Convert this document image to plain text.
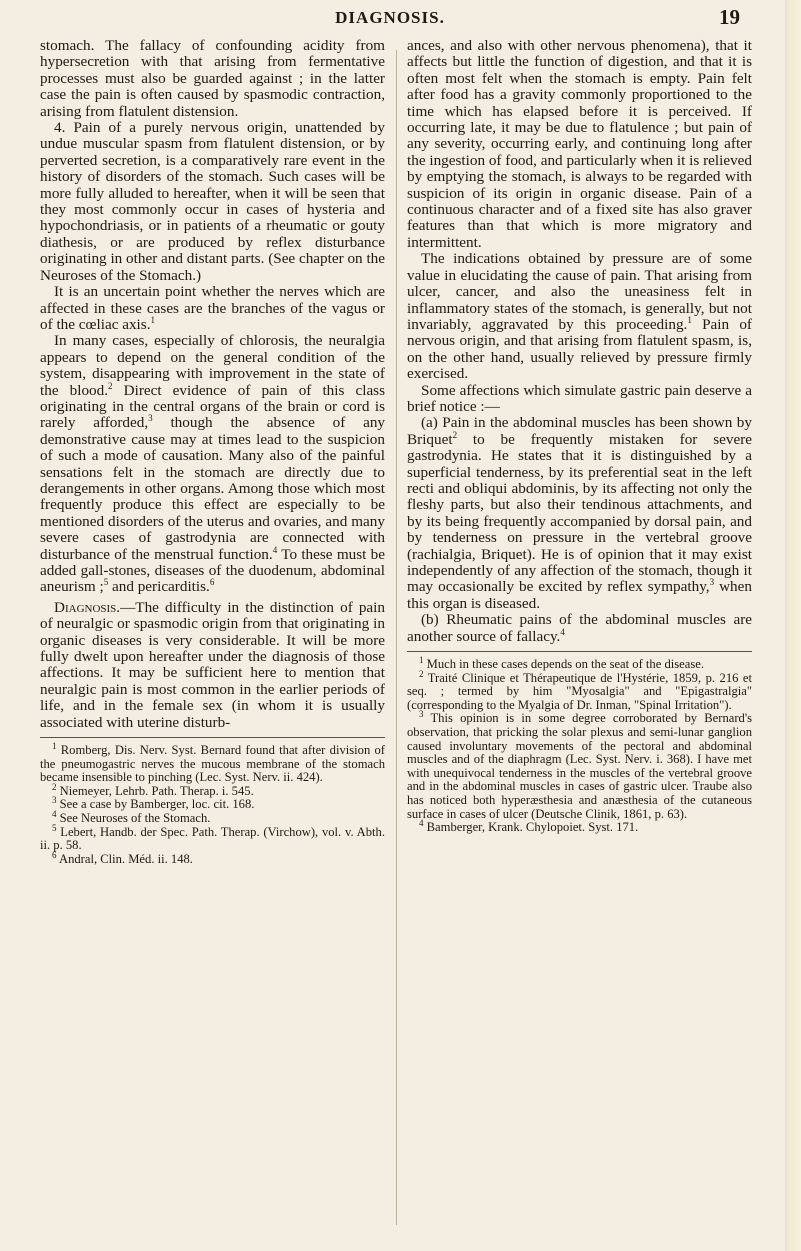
DIAGNOSIS.	19

stomach. The fallacy of confounding acidity from hypersecretion with that arising from fermentative processes must also be guarded against ; in the latter case the pain is often caused by spasmodic contraction, arising from flatulent distension.

4. Pain of a purely nervous origin, unattended by undue muscular spasm from flatulent distension, or by perverted secretion, is a comparatively rare event in the history of disorders of the stomach. Such cases will be more fully alluded to hereafter, when it will be seen that they most commonly occur in cases of hysteria and hypochondriasis, or in patients of a rheumatic or gouty diathesis, or are produced by reflex disturbance originating in other and distant parts. (See chapter on the Neuroses of the Stomach.)

It is an uncertain point whether the nerves which are affected in these cases are the branches of the vagus or of the cœliac axis.$^1$

In many cases, especially of chlorosis, the neuralgia appears to depend on the general condition of the system, disappearing with improvement in the state of the blood.$^2$ Direct evidence of pain of this class originating in the central organs of the brain or cord is rarely afforded,$^3$ though the absence of any demonstrative cause may at times lead to the suspicion of such a mode of causation. Many also of the painful sensations felt in the stomach are directly due to derangements in other organs. Among those which most frequently produce this effect are especially to be mentioned disorders of the uterus and ovaries, and many severe cases of gastrodynia are connected with disturbance of the menstrual function.$^4$ To these must be added gall-stones, diseases of the duodenum, abdominal aneurism ;$^5$ and pericarditis.$^6$

Diagnosis.—The difficulty in the distinction of pain of neuralgic or spasmodic origin from that originating in organic diseases is very considerable. It will be more fully dwelt upon hereafter under the diagnosis of those affections. It may be sufficient here to mention that neuralgic pain is most common in the earlier periods of life, and in the female sex (in whom it is usually associated with uterine disturb-

$^1$ Romberg, Dis. Nerv. Syst. Bernard found that after division of the pneumogastric nerves the mucous membrane of the stomach became insensible to pinching (Lec. Syst. Nerv. ii. 424).

$^2$ Niemeyer, Lehrb. Path. Therap. i. 545.

$^3$ See a case by Bamberger, loc. cit. 168.

$^4$ See Neuroses of the Stomach.

$^5$ Lebert, Handb. der Spec. Path. Therap. (Virchow), vol. v. Abth. ii. p. 58.

$^6$ Andral, Clin. Méd. ii. 148.

ances, and also with other nervous phenomena), that it affects but little the function of digestion, and that it is often most felt when the stomach is empty. Pain felt after food has a gravity commonly proportioned to the time which has elapsed before it is perceived. If occurring late, it may be due to flatulence ; but pain of any severity, occurring early, and continuing long after the ingestion of food, and particularly when it is relieved by emptying the stomach, is always to be regarded with suspicion of its origin in organic disease. Pain of a continuous character and of a fixed site has also graver features than that which is more migratory and intermittent.

The indications obtained by pressure are of some value in elucidating the cause of pain. That arising from ulcer, cancer, and also the uneasiness felt in inflammatory states of the stomach, is generally, but not invariably, aggravated by this proceeding.$^1$ Pain of nervous origin, and that arising from flatulent spasm, is, on the other hand, usually relieved by pressure firmly exercised.

Some affections which simulate gastric pain deserve a brief notice :—

(a) Pain in the abdominal muscles has been shown by Briquet$^2$ to be frequently mistaken for severe gastrodynia. He states that it is distinguished by a superficial tenderness, by its preferential seat in the left recti and obliqui abdominis, by its affecting not only the fleshy parts, but also their tendinous attachments, and by its being frequently accompanied by dorsal pain, and by tenderness on pressure in the vertebral groove (rachialgia, Briquet). He is of opinion that it may exist independently of any affection of the stomach, though it may occasionally be excited by reflex sympathy,$^3$ when this organ is diseased.

(b) Rheumatic pains of the abdominal muscles are another source of fallacy.$^4$

$^1$ Much in these cases depends on the seat of the disease.

$^2$ Traité Clinique et Thérapeutique de l'Hystérie, 1859, p. 216 et seq. ; termed by him "Myosalgia" and "Epigastralgia" (corresponding to the Myalgia of Dr. Inman, "Spinal Irritation").

$^3$ This opinion is in some degree corroborated by Bernard's observation, that pricking the solar plexus and semi-lunar ganglion caused involuntary movements of the pectoral and abdominal muscles and of the diaphragm (Lec. Syst. Nerv. i. 368). I have met with unequivocal tenderness in the muscles of the vertebral groove and in the abdominal muscles in cases of gastric ulcer. Traube also has noticed both hyperæsthesia and anæsthesia of the cutaneous surface in cases of ulcer (Deutsche Clinik, 1861, p. 63).

$^4$ Bamberger, Krank. Chylopoiet. Syst. 171.
